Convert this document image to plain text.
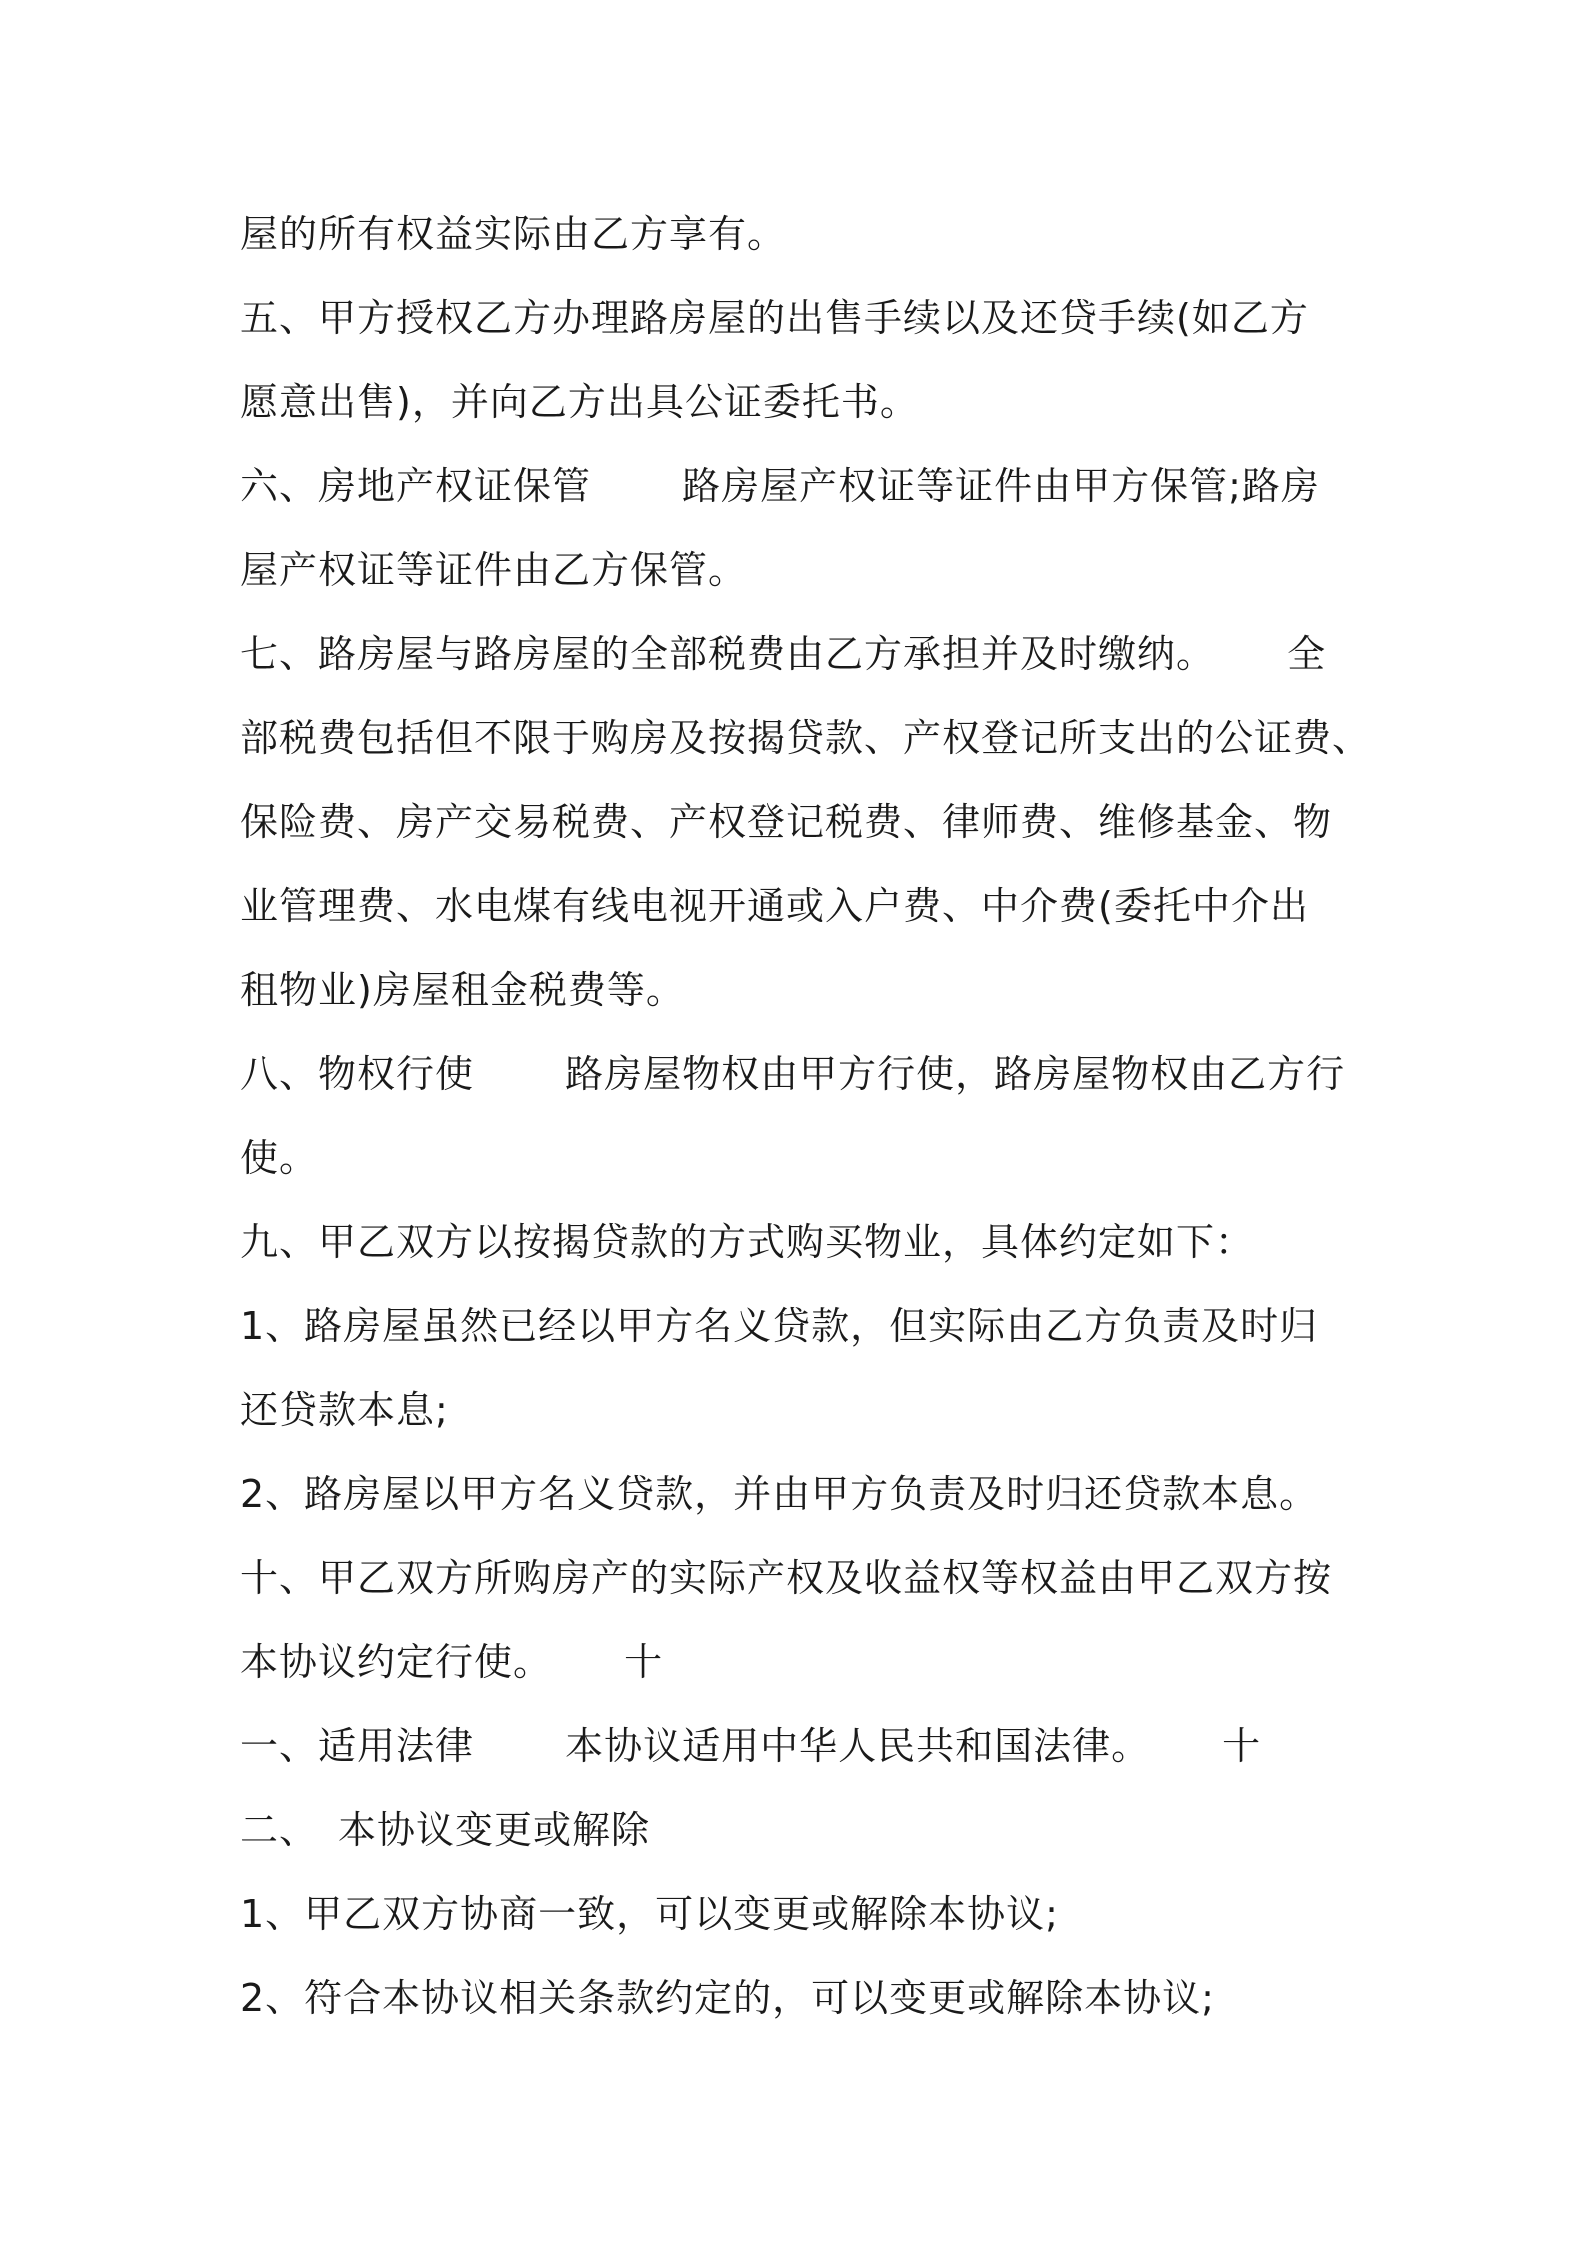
屋的所有权益实际由乙方享有。
五、甲方授权乙方办理路房屋的出售手续以及还贷手续(如乙方
愿意出售)，并向乙方出具公证委托书。
六、房地产权证保管　　 路房屋产权证等证件由甲方保管;路房
屋产权证等证件由乙方保管。
七、路房屋与路房屋的全部税费由乙方承担并及时缴纳。　　 全
部税费包括但不限于购房及按揭贷款、产权登记所支出的公证费、
保险费、房产交易税费、产权登记税费、律师费、维修基金、物
业管理费、水电煤有线电视开通或入户费、中介费(委托中介出
租物业)房屋租金税费等。
八、物权行使　　 路房屋物权由甲方行使，路房屋物权由乙方行
使。
九、甲乙双方以按揭贷款的方式购买物业，具体约定如下：
1、路房屋虽然已经以甲方名义贷款，但实际由乙方负责及时归
还贷款本息;
2、路房屋以甲方名义贷款，并由甲方负责及时归还贷款本息。
十、甲乙双方所购房产的实际产权及收益权等权益由甲乙双方按
本协议约定行使。　　 十
一、适用法律　　 本协议适用中华人民共和国法律。　　 十
二、　本协议变更或解除
1、甲乙双方协商一致，可以变更或解除本协议;
2、符合本协议相关条款约定的，可以变更或解除本协议;
